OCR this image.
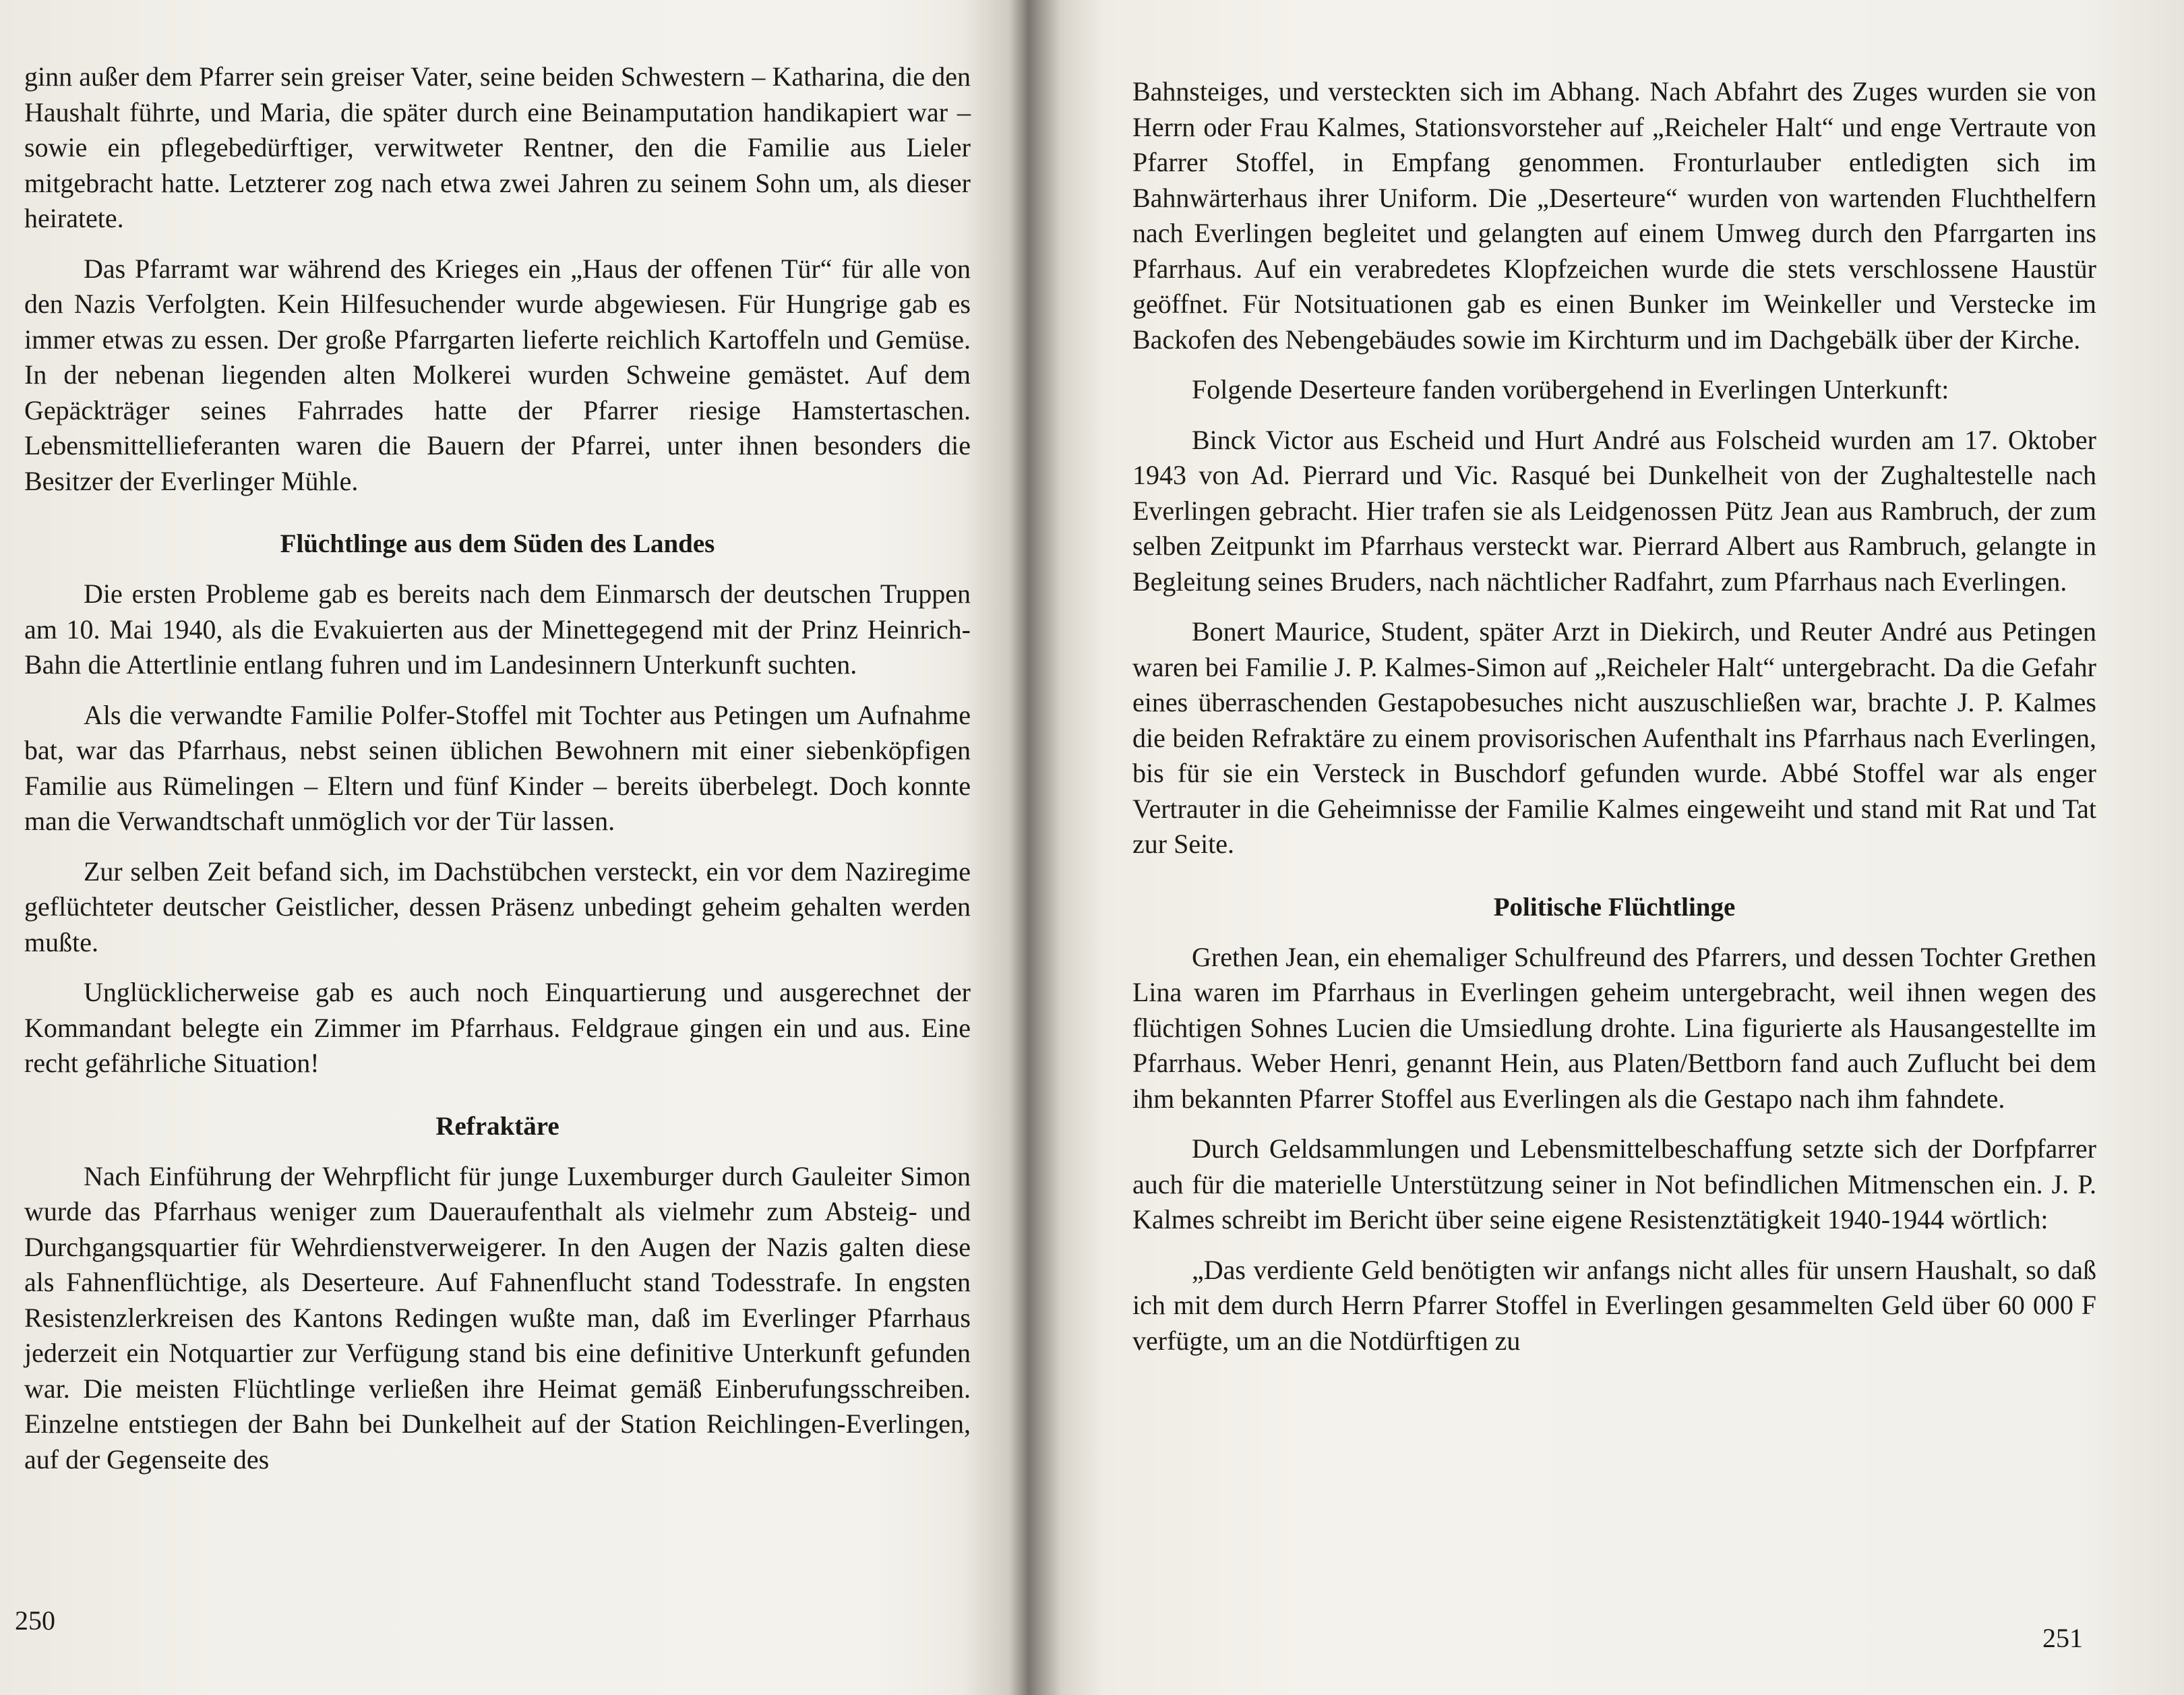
ginn außer dem Pfarrer sein greiser Vater, seine beiden Schwestern – Katharina, die den Haushalt führte, und Maria, die später durch eine Beinamputation handikapiert war – sowie ein pflegebedürftiger, verwitweter Rentner, den die Familie aus Lieler mitgebracht hatte. Letzterer zog nach etwa zwei Jahren zu seinem Sohn um, als dieser heiratete.

Das Pfarramt war während des Krieges ein „Haus der offenen Tür“ für alle von den Nazis Verfolgten. Kein Hilfesuchender wurde abgewiesen. Für Hungrige gab es immer etwas zu essen. Der große Pfarrgarten lieferte reichlich Kartoffeln und Gemüse. In der nebenan liegenden alten Molkerei wurden Schweine gemästet. Auf dem Gepäckträger seines Fahrrades hatte der Pfarrer riesige Hamstertaschen. Lebensmittellieferanten waren die Bauern der Pfarrei, unter ihnen besonders die Besitzer der Everlinger Mühle.

Flüchtlinge aus dem Süden des Landes

Die ersten Probleme gab es bereits nach dem Einmarsch der deutschen Truppen am 10. Mai 1940, als die Evakuierten aus der Minettegegend mit der Prinz Heinrich-Bahn die Attertlinie entlang fuhren und im Landesinnern Unterkunft suchten.

Als die verwandte Familie Polfer-Stoffel mit Tochter aus Petingen um Aufnahme bat, war das Pfarrhaus, nebst seinen üblichen Bewohnern mit einer siebenköpfigen Familie aus Rümelingen – Eltern und fünf Kinder – bereits überbelegt. Doch konnte man die Verwandtschaft unmöglich vor der Tür lassen.

Zur selben Zeit befand sich, im Dachstübchen versteckt, ein vor dem Naziregime geflüchteter deutscher Geistlicher, dessen Präsenz unbedingt geheim gehalten werden mußte.

Unglücklicherweise gab es auch noch Einquartierung und ausgerechnet der Kommandant belegte ein Zimmer im Pfarrhaus. Feldgraue gingen ein und aus. Eine recht gefährliche Situation!

Refraktäre

Nach Einführung der Wehrpflicht für junge Luxemburger durch Gauleiter Simon wurde das Pfarrhaus weniger zum Daueraufenthalt als vielmehr zum Absteig- und Durchgangsquartier für Wehrdienstverweigerer. In den Augen der Nazis galten diese als Fahnenflüchtige, als Deserteure. Auf Fahnenflucht stand Todesstrafe. In engsten Resistenzlerkreisen des Kantons Redingen wußte man, daß im Everlinger Pfarrhaus jederzeit ein Notquartier zur Verfügung stand bis eine definitive Unterkunft gefunden war. Die meisten Flüchtlinge verließen ihre Heimat gemäß Einberufungsschreiben. Einzelne entstiegen der Bahn bei Dunkelheit auf der Station Reichlingen-Everlingen, auf der Gegenseite des

250

Bahnsteiges, und versteckten sich im Abhang. Nach Abfahrt des Zuges wurden sie von Herrn oder Frau Kalmes, Stationsvorsteher auf „Reicheler Halt“ und enge Vertraute von Pfarrer Stoffel, in Empfang genommen. Fronturlauber entledigten sich im Bahnwärterhaus ihrer Uniform. Die „Deserteure“ wurden von wartenden Fluchthelfern nach Everlingen begleitet und gelangten auf einem Umweg durch den Pfarrgarten ins Pfarrhaus. Auf ein verabredetes Klopfzeichen wurde die stets verschlossene Haustür geöffnet. Für Notsituationen gab es einen Bunker im Weinkeller und Verstecke im Backofen des Nebengebäudes sowie im Kirchturm und im Dachgebälk über der Kirche.

Folgende Deserteure fanden vorübergehend in Everlingen Unterkunft:

Binck Victor aus Escheid und Hurt André aus Folscheid wurden am 17. Oktober 1943 von Ad. Pierrard und Vic. Rasqué bei Dunkelheit von der Zughaltestelle nach Everlingen gebracht. Hier trafen sie als Leidgenossen Pütz Jean aus Rambruch, der zum selben Zeitpunkt im Pfarrhaus versteckt war. Pierrard Albert aus Rambruch, gelangte in Begleitung seines Bruders, nach nächtlicher Radfahrt, zum Pfarrhaus nach Everlingen.

Bonert Maurice, Student, später Arzt in Diekirch, und Reuter André aus Petingen waren bei Familie J. P. Kalmes-Simon auf „Reicheler Halt“ untergebracht. Da die Gefahr eines überraschenden Gestapobesuches nicht auszuschließen war, brachte J. P. Kalmes die beiden Refraktäre zu einem provisorischen Aufenthalt ins Pfarrhaus nach Everlingen, bis für sie ein Versteck in Buschdorf gefunden wurde. Abbé Stoffel war als enger Vertrauter in die Geheimnisse der Familie Kalmes eingeweiht und stand mit Rat und Tat zur Seite.

Politische Flüchtlinge

Grethen Jean, ein ehemaliger Schulfreund des Pfarrers, und dessen Tochter Grethen Lina waren im Pfarrhaus in Everlingen geheim untergebracht, weil ihnen wegen des flüchtigen Sohnes Lucien die Umsiedlung drohte. Lina figurierte als Hausangestellte im Pfarrhaus. Weber Henri, genannt Hein, aus Platen/Bettborn fand auch Zuflucht bei dem ihm bekannten Pfarrer Stoffel aus Everlingen als die Gestapo nach ihm fahndete.

Durch Geldsammlungen und Lebensmittelbeschaffung setzte sich der Dorfpfarrer auch für die materielle Unterstützung seiner in Not befindlichen Mitmenschen ein. J. P. Kalmes schreibt im Bericht über seine eigene Resistenztätigkeit 1940-1944 wörtlich:

„Das verdiente Geld benötigten wir anfangs nicht alles für unsern Haushalt, so daß ich mit dem durch Herrn Pfarrer Stoffel in Everlingen gesammelten Geld über 60 000 F verfügte, um an die Notdürftigen zu

251
